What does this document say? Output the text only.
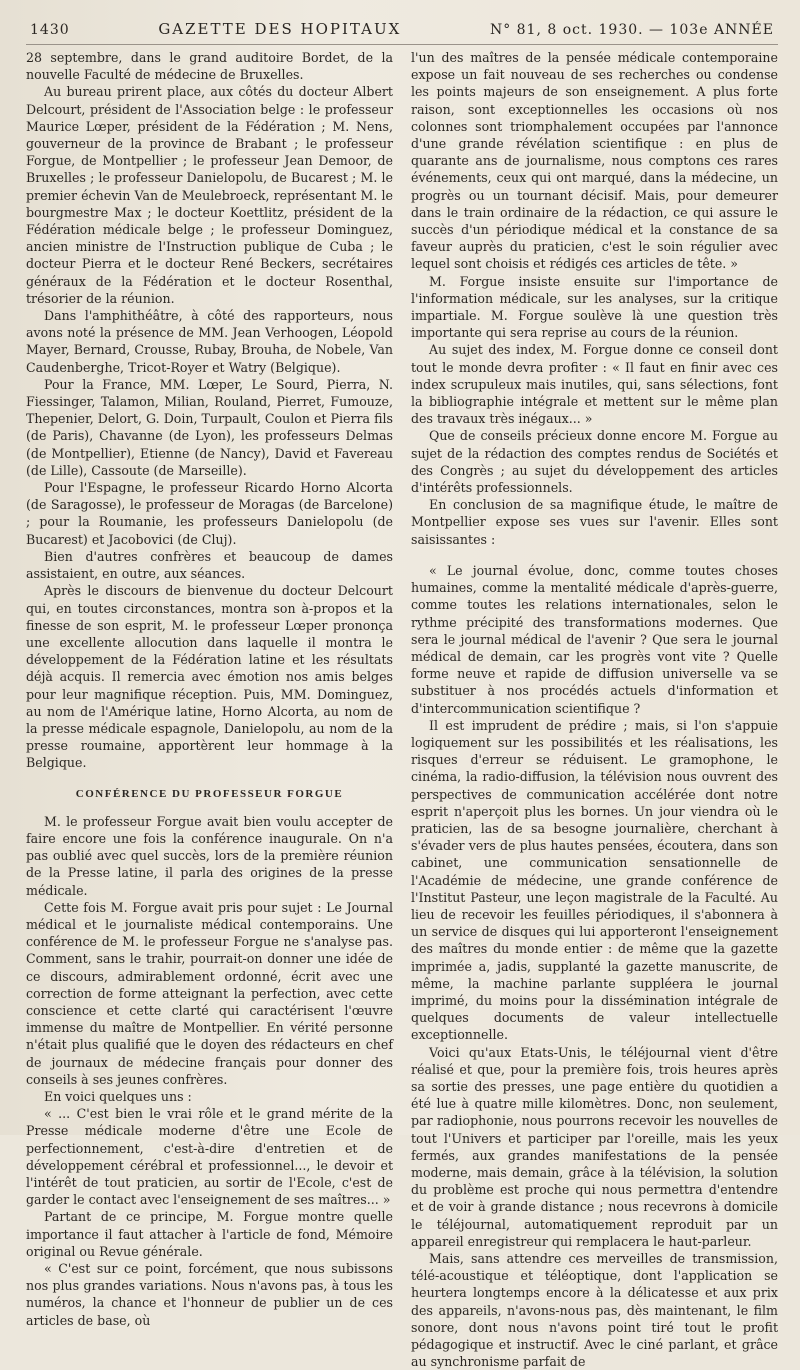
1430	GAZETTE DES HOPITAUX	N° 81, 8 oct. 1930. — 103e ANNÉE

28 septembre, dans le grand auditoire Bordet, de la nouvelle Faculté de médecine de Bruxelles.

Au bureau prirent place, aux côtés du docteur Albert Delcourt, président de l'Association belge : le professeur Maurice Lœper, président de la Fédération ; M. Nens, gouverneur de la province de Brabant ; le professeur Forgue, de Montpellier ; le professeur Jean Demoor, de Bruxelles ; le professeur Danielopolu, de Bucarest ; M. le premier échevin Van de Meulebroeck, représentant M. le bourgmestre Max ; le docteur Koettlitz, président de la Fédération médicale belge ; le professeur Dominguez, ancien ministre de l'Instruction publique de Cuba ; le docteur Pierra et le docteur René Beckers, secrétaires généraux de la Fédération et le docteur Rosenthal, trésorier de la réunion.

Dans l'amphithéâtre, à côté des rapporteurs, nous avons noté la présence de MM. Jean Verhoogen, Léopold Mayer, Bernard, Crousse, Rubay, Brouha, de Nobele, Van Caudenberghe, Tricot-Royer et Watry (Belgique).

Pour la France, MM. Lœper, Le Sourd, Pierra, N. Fiessinger, Talamon, Milian, Rouland, Pierret, Fumouze, Thepenier, Delort, G. Doin, Turpault, Coulon et Pierra fils (de Paris), Chavanne (de Lyon), les professeurs Delmas (de Montpellier), Etienne (de Nancy), David et Favereau (de Lille), Cassoute (de Marseille).

Pour l'Espagne, le professeur Ricardo Horno Alcorta (de Saragosse), le professeur de Moragas (de Barcelone) ; pour la Roumanie, les professeurs Danielopolu (de Bucarest) et Jacobovici (de Cluj).

Bien d'autres confrères et beaucoup de dames assistaient, en outre, aux séances.

Après le discours de bienvenue du docteur Delcourt qui, en toutes circonstances, montra son à-propos et la finesse de son esprit, M. le professeur Lœper prononça une excellente allocution dans laquelle il montra le développement de la Fédération latine et les résultats déjà acquis. Il remercia avec émotion nos amis belges pour leur magnifique réception. Puis, MM. Dominguez, au nom de l'Amérique latine, Horno Alcorta, au nom de la presse médicale espagnole, Danielopolu, au nom de la presse roumaine, apportèrent leur hommage à la Belgique.

CONFÉRENCE DU PROFESSEUR FORGUE

M. le professeur Forgue avait bien voulu accepter de faire encore une fois la conférence inaugurale. On n'a pas oublié avec quel succès, lors de la première réunion de la Presse latine, il parla des origines de la presse médicale.

Cette fois M. Forgue avait pris pour sujet : Le Journal médical et le journaliste médical contemporains. Une conférence de M. le professeur Forgue ne s'analyse pas. Comment, sans le trahir, pourrait-on donner une idée de ce discours, admirablement ordonné, écrit avec une correction de forme atteignant la perfection, avec cette conscience et cette clarté qui caractérisent l'œuvre immense du maître de Montpellier. En vérité personne n'était plus qualifié que le doyen des rédacteurs en chef de journaux de médecine français pour donner des conseils à ses jeunes confrères.

En voici quelques uns :

« ... C'est bien le vrai rôle et le grand mérite de la Presse médicale moderne d'être une Ecole de perfectionnement, c'est-à-dire d'entretien et de développement cérébral et professionnel..., le devoir et l'intérêt de tout praticien, au sortir de l'Ecole, c'est de garder le contact avec l'enseignement de ses maîtres... »

Partant de ce principe, M. Forgue montre quelle importance il faut attacher à l'article de fond, Mémoire original ou Revue générale.

« C'est sur ce point, forcément, que nous subissons nos plus grandes variations. Nous n'avons pas, à tous les numéros, la chance et l'honneur de publier un de ces articles de base, où

l'un des maîtres de la pensée médicale contemporaine expose un fait nouveau de ses recherches ou condense les points majeurs de son enseignement. A plus forte raison, sont exceptionnelles les occasions où nos colonnes sont triomphalement occupées par l'annonce d'une grande révélation scientifique : en plus de quarante ans de journalisme, nous comptons ces rares événements, ceux qui ont marqué, dans la médecine, un progrès ou un tournant décisif. Mais, pour demeurer dans le train ordinaire de la rédaction, ce qui assure le succès d'un périodique médical et la constance de sa faveur auprès du praticien, c'est le soin régulier avec lequel sont choisis et rédigés ces articles de tête. »

M. Forgue insiste ensuite sur l'importance de l'information médicale, sur les analyses, sur la critique impartiale. M. Forgue soulève là une question très importante qui sera reprise au cours de la réunion.

Au sujet des index, M. Forgue donne ce conseil dont tout le monde devra profiter : « Il faut en finir avec ces index scrupuleux mais inutiles, qui, sans sélections, font la bibliographie intégrale et mettent sur le même plan des travaux très inégaux... »

Que de conseils précieux donne encore M. Forgue au sujet de la rédaction des comptes rendus de Sociétés et des Congrès ; au sujet du développement des articles d'intérêts professionnels.

En conclusion de sa magnifique étude, le maître de Montpellier expose ses vues sur l'avenir. Elles sont saisissantes :

« Le journal évolue, donc, comme toutes choses humaines, comme la mentalité médicale d'après-guerre, comme toutes les relations internationales, selon le rythme précipité des transformations modernes. Que sera le journal médical de l'avenir ? Que sera le journal médical de demain, car les progrès vont vite ? Quelle forme neuve et rapide de diffusion universelle va se substituer à nos procédés actuels d'information et d'intercommunication scientifique ?

Il est imprudent de prédire ; mais, si l'on s'appuie logiquement sur les possibilités et les réalisations, les risques d'erreur se réduisent. Le gramophone, le cinéma, la radio-diffusion, la télévision nous ouvrent des perspectives de communication accélérée dont notre esprit n'aperçoit plus les bornes. Un jour viendra où le praticien, las de sa besogne journalière, cherchant à s'évader vers de plus hautes pensées, écoutera, dans son cabinet, une communication sensationnelle de l'Académie de médecine, une grande conférence de l'Institut Pasteur, une leçon magistrale de la Faculté. Au lieu de recevoir les feuilles périodiques, il s'abonnera à un service de disques qui lui apporteront l'enseignement des maîtres du monde entier : de même que la gazette imprimée a, jadis, supplanté la gazette manuscrite, de même, la machine parlante suppléera le journal imprimé, du moins pour la dissémination intégrale de quelques documents de valeur intellectuelle exceptionnelle.

Voici qu'aux Etats-Unis, le téléjournal vient d'être réalisé et que, pour la première fois, trois heures après sa sortie des presses, une page entière du quotidien a été lue à quatre mille kilomètres. Donc, non seulement, par radiophonie, nous pourrons recevoir les nouvelles de tout l'Univers et participer par l'oreille, mais les yeux fermés, aux grandes manifestations de la pensée moderne, mais demain, grâce à la télévision, la solution du problème est proche qui nous permettra d'entendre et de voir à grande distance ; nous recevrons à domicile le téléjournal, automatiquement reproduit par un appareil enregistreur qui remplacera le haut-parleur.

Mais, sans attendre ces merveilles de transmission, télé-acoustique et téléoptique, dont l'application se heurtera longtemps encore à la délicatesse et aux prix des appareils, n'avons-nous pas, dès maintenant, le film sonore, dont nous n'avons point tiré tout le profit pédagogique et instructif. Avec le ciné parlant, et grâce au synchronisme parfait de
